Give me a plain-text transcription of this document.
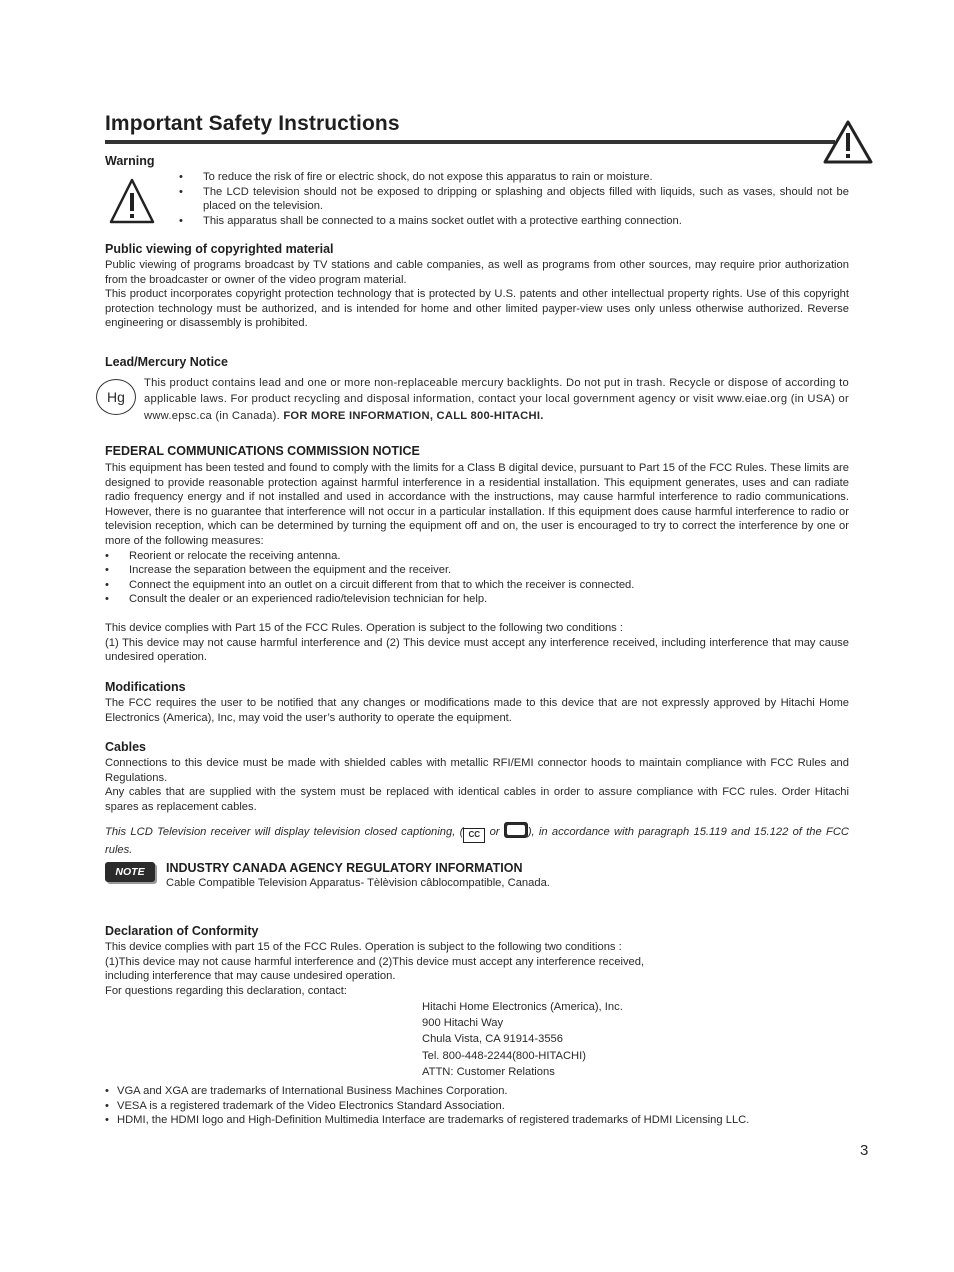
Important Safety Instructions

Warning

•	To reduce the risk of fire or electric shock, do not expose this apparatus to rain or moisture.
•	The LCD television should not be exposed to dripping or splashing and objects filled with liquids, such as vases, should not be placed on the television.
•	This apparatus shall be connected to a mains socket outlet with a protective earthing connection.

Public viewing of copyrighted material

Public viewing of programs broadcast by TV stations and cable companies, as well as programs from other sources, may require prior authorization from the broadcaster or owner of the video program material.

This product incorporates copyright protection technology that is protected by U.S. patents and other intellectual property rights. Use of this copyright protection technology must be authorized, and is intended for home and other limited payper-view uses only unless otherwise authorized. Reverse engineering or disassembly is prohibited.

Lead/Mercury Notice

Hg

This product contains lead and one or more non-replaceable mercury backlights. Do not put in trash. Recycle or dispose of according to applicable laws. For product recycling and disposal information, contact your local government agency or visit www.eiae.org (in USA) or www.epsc.ca (in Canada). FOR MORE INFORMATION, CALL 800-HITACHI.

FEDERAL COMMUNICATIONS COMMISSION NOTICE

This equipment has been tested and found to comply with the limits for a Class B digital device, pursuant to Part 15 of the FCC Rules. These limits are designed to provide reasonable protection against harmful interference in a residential installation. This equipment generates, uses and can radiate radio frequency energy and if not installed and used in accordance with the instructions, may cause harmful interference to radio communications. However, there is no guarantee that interference will not occur in a particular installation. If this equipment does cause harmful interference to radio or television reception, which can be determined by turning the equipment off and on, the user is encouraged to try to correct the interference by one or more of the following measures:

•	Reorient or relocate the receiving antenna.
•	Increase the separation between the equipment and the receiver.
•	Connect the equipment into an outlet on a circuit different from that to which the receiver is connected.
•	Consult the dealer or an experienced radio/television technician for help.

This device complies with Part 15 of the FCC Rules. Operation is subject to the following two conditions :

(1) This device may not cause harmful interference and (2) This device must accept any interference received, including interference that may cause undesired operation.

Modifications

The FCC requires the user to be notified that any changes or modifications made to this device that are not expressly approved by Hitachi Home Electronics (America), Inc, may void the user’s authority to operate the equipment.

Cables

Connections to this device must be made with shielded cables with metallic RFI/EMI connector hoods to maintain compliance with FCC Rules and Regulations.

Any cables that are supplied with the system must be replaced with identical cables in order to assure compliance with FCC rules. Order Hitachi spares as replacement cables.

This LCD Television receiver will display television closed captioning, ( CC or ), in accordance with paragraph 15.119 and 15.122 of the FCC rules.

NOTE	INDUSTRY CANADA AGENCY REGULATORY INFORMATION

Cable Compatible Television Apparatus- Tèlèvision câblocompatible, Canada.

Declaration of Conformity

This device complies with part 15 of the FCC Rules. Operation is subject to the following two conditions :

(1)This device may not cause harmful interference and (2)This device must accept any interference received,

including interference that may cause undesired operation.

For questions regarding this declaration, contact:

Hitachi Home Electronics (America), Inc.
900 Hitachi Way
Chula Vista, CA 91914-3556
Tel. 800-448-2244(800-HITACHI)
ATTN: Customer Relations
• VGA and XGA are trademarks of International Business Machines Corporation.
• VESA is a registered trademark of the Video Electronics Standard Association.
• HDMI, the HDMI logo and High-Definition Multimedia Interface are trademarks of registered trademarks of HDMI Licensing LLC.
3
